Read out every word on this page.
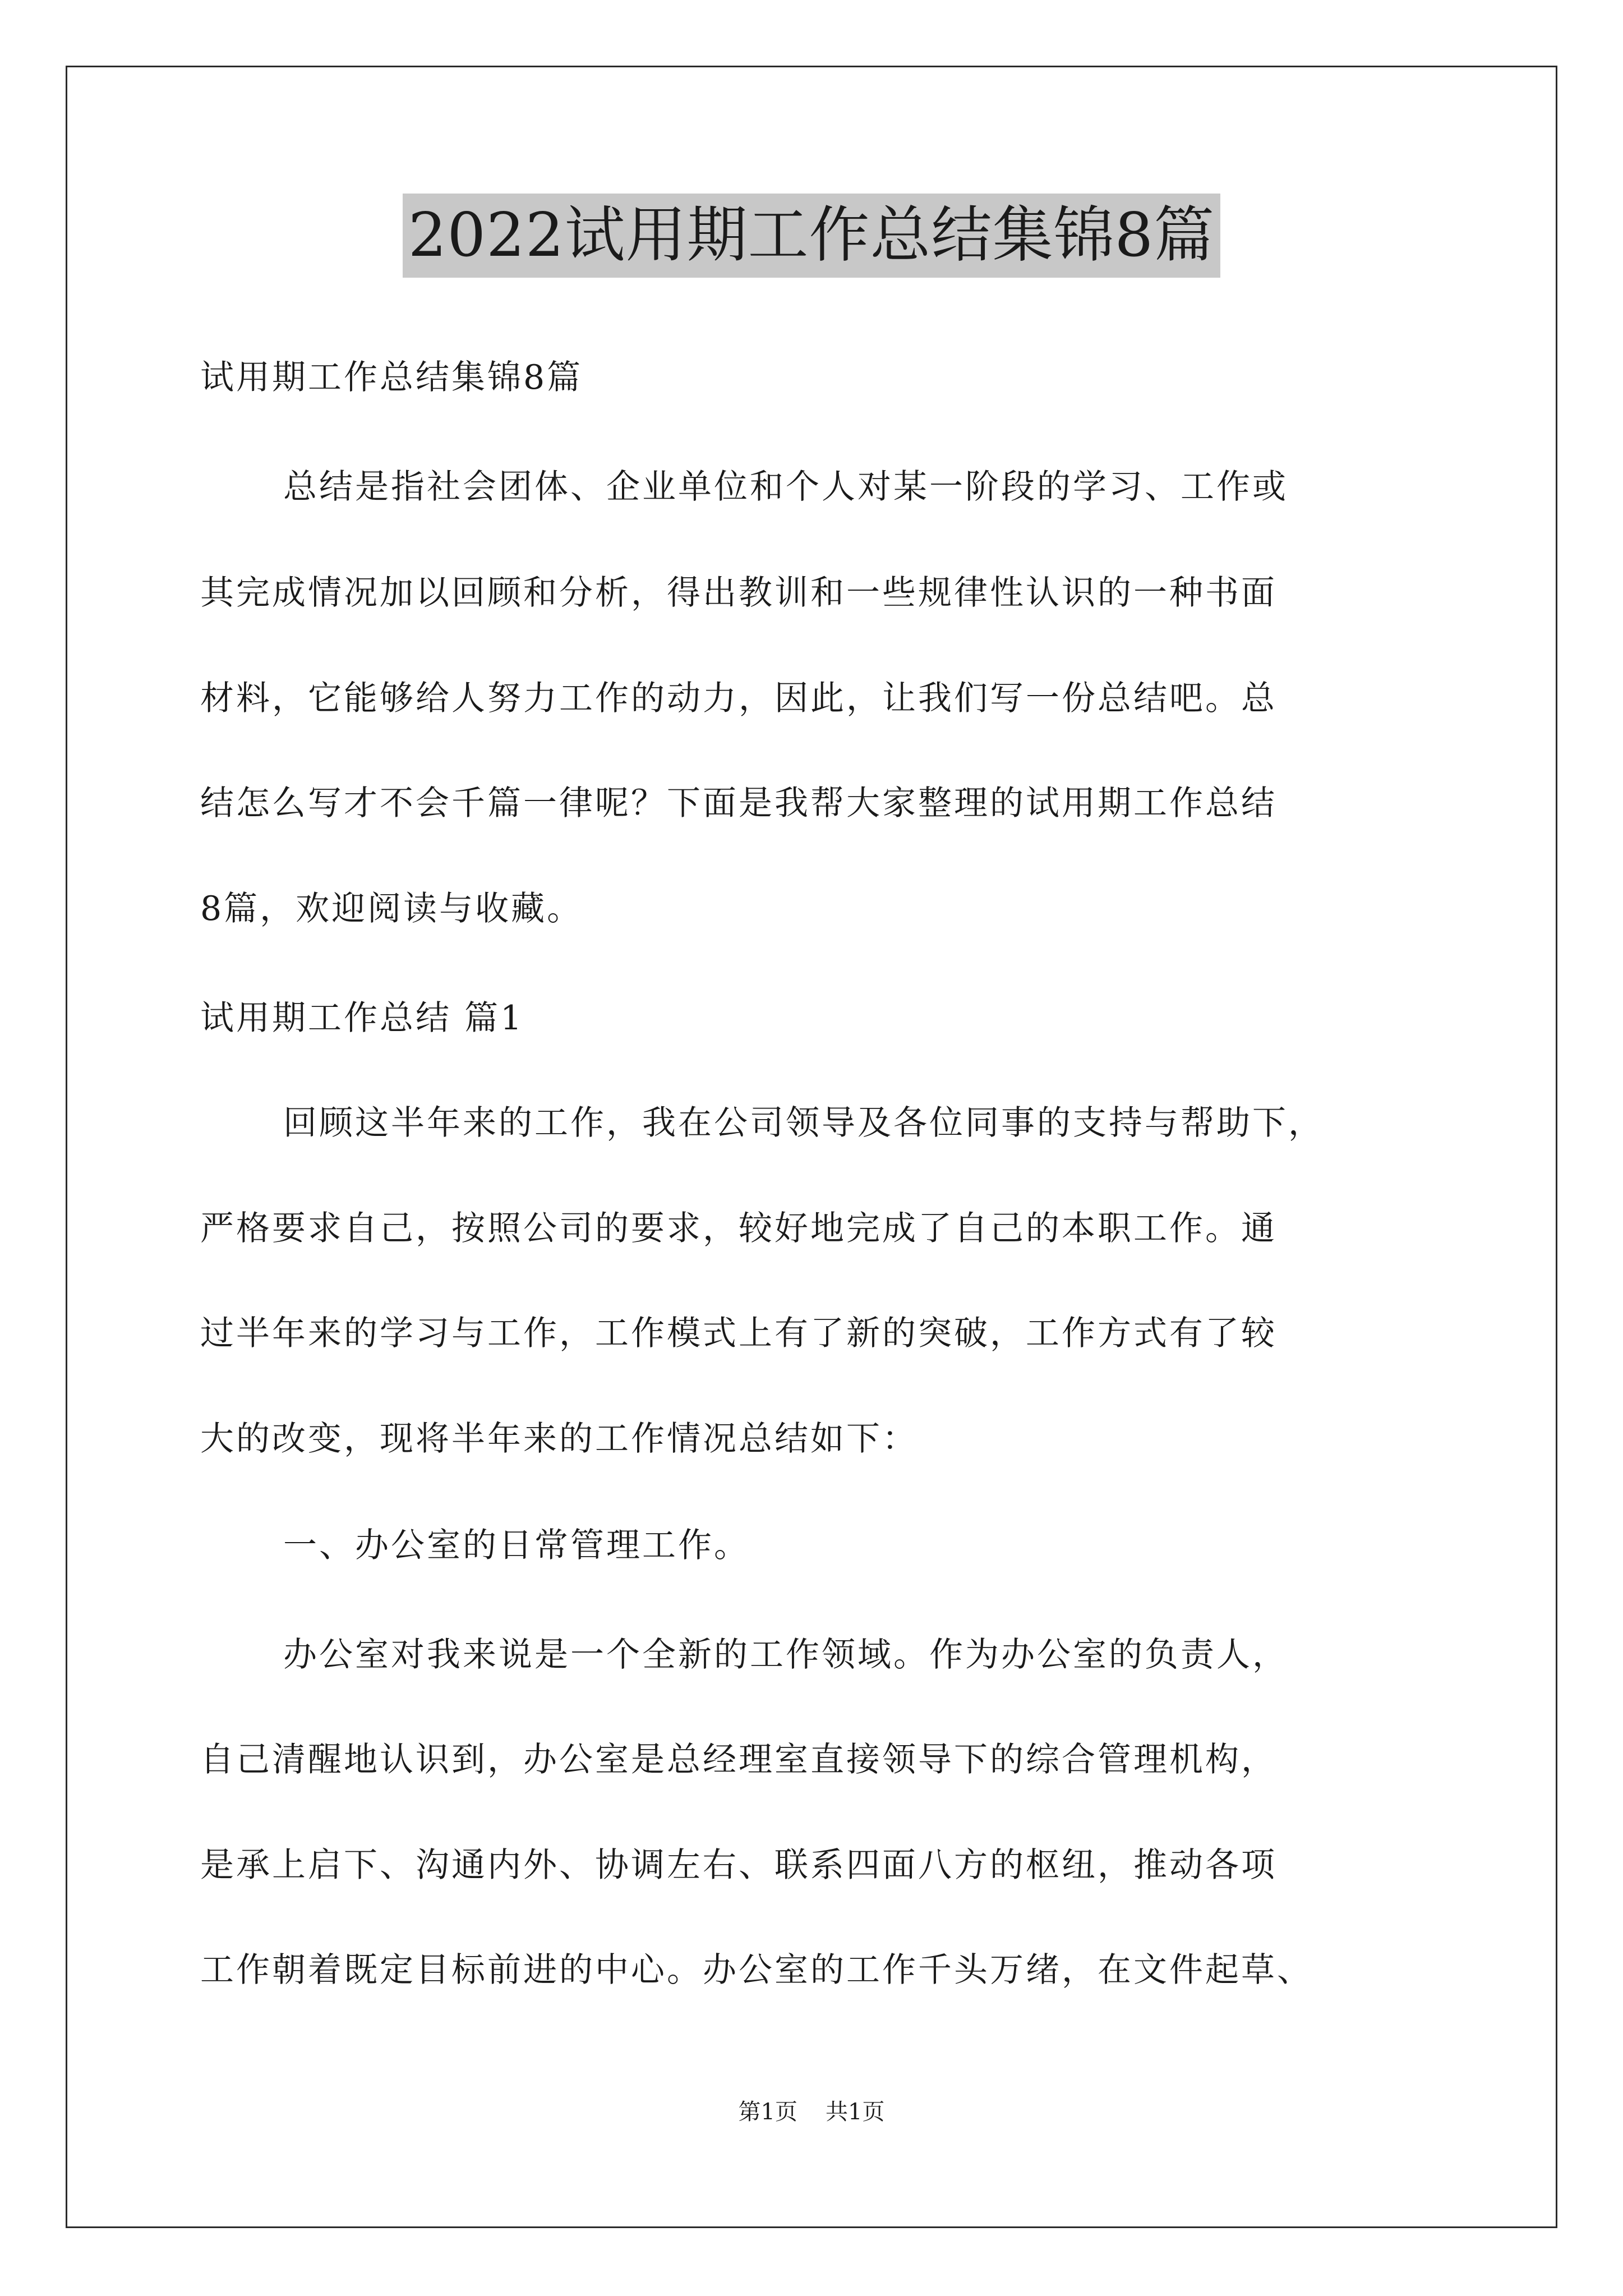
2022试用期工作总结集锦8篇
试用期工作总结集锦8篇
总结是指社会团体、企业单位和个人对某一阶段的学习、工作或
其完成情况加以回顾和分析，得出教训和一些规律性认识的一种书面
材料，它能够给人努力工作的动力，因此，让我们写一份总结吧。总
结怎么写才不会千篇一律呢？下面是我帮大家整理的试用期工作总结
8篇，欢迎阅读与收藏。
试用期工作总结 篇1
回顾这半年来的工作，我在公司领导及各位同事的支持与帮助下，
严格要求自己，按照公司的要求，较好地完成了自己的本职工作。通
过半年来的学习与工作，工作模式上有了新的突破，工作方式有了较
大的改变，现将半年来的工作情况总结如下：
一、办公室的日常管理工作。
办公室对我来说是一个全新的工作领域。作为办公室的负责人，
自己清醒地认识到，办公室是总经理室直接领导下的综合管理机构，
是承上启下、沟通内外、协调左右、联系四面八方的枢纽，推动各项
工作朝着既定目标前进的中心。办公室的工作千头万绪，在文件起草、
第1页 共1页
